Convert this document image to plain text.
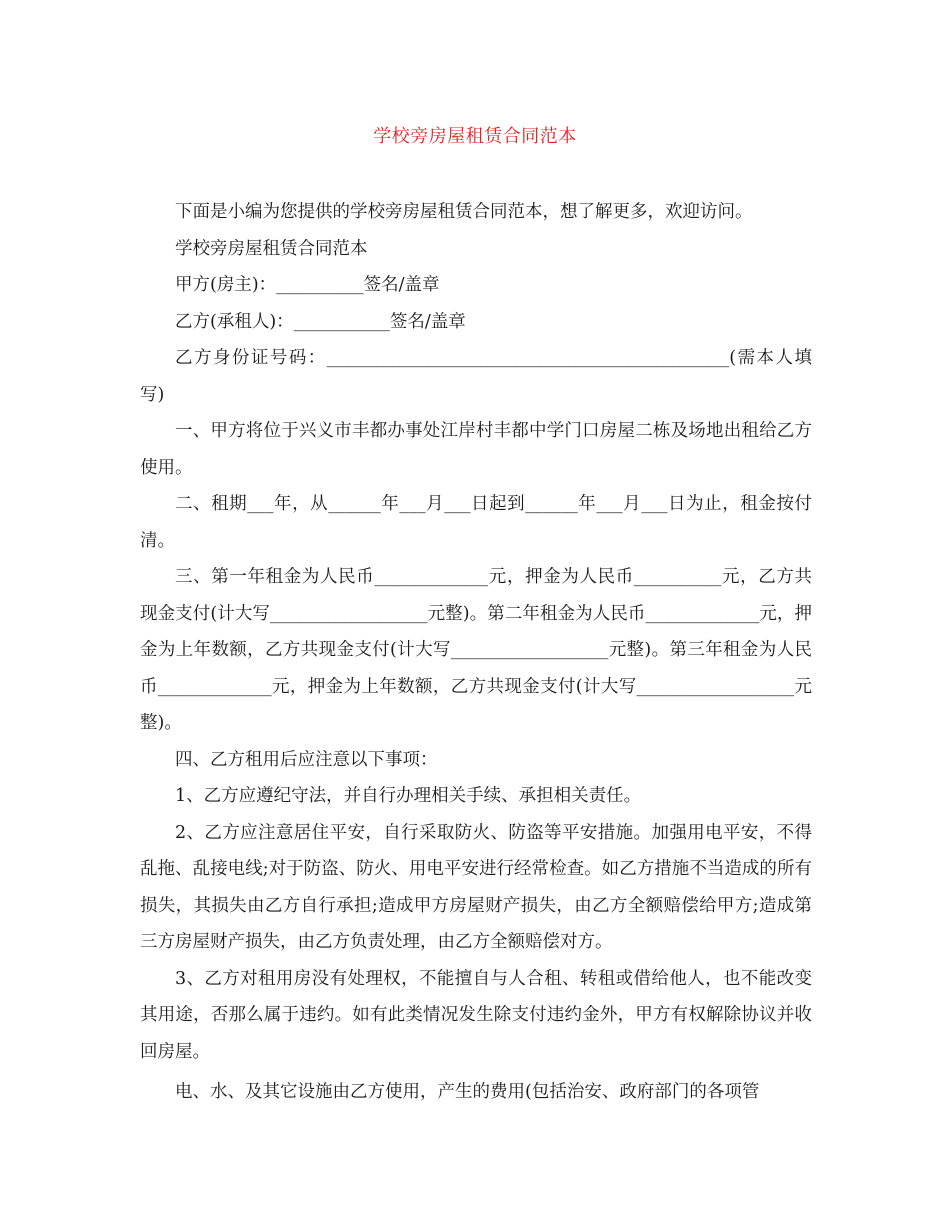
学校旁房屋租赁合同范本

下面是小编为您提供的学校旁房屋租赁合同范本，想了解更多，欢迎访问。

学校旁房屋租赁合同范本

甲方(房主)：__________签名/盖章

乙方(承租人)：___________签名/盖章

乙方身份证号码：______________________________________________(需本人填写)

一、甲方将位于兴义市丰都办事处江岸村丰都中学门口房屋二栋及场地出租给乙方使用。

二、租期___年，从______年___月___日起到______年___月___日为止，租金按付清。

三、第一年租金为人民币_____________元，押金为人民币__________元，乙方共现金支付(计大写__________________元整)。第二年租金为人民币_____________元，押金为上年数额，乙方共现金支付(计大写__________________元整)。第三年租金为人民币_____________元，押金为上年数额，乙方共现金支付(计大写__________________元整)。

四、乙方租用后应注意以下事项：

1、乙方应遵纪守法，并自行办理相关手续、承担相关责任。

2、乙方应注意居住平安，自行采取防火、防盗等平安措施。加强用电平安，不得乱拖、乱接电线;对于防盗、防火、用电平安进行经常检查。如乙方措施不当造成的所有损失，其损失由乙方自行承担;造成甲方房屋财产损失，由乙方全额赔偿给甲方;造成第三方房屋财产损失，由乙方负责处理，由乙方全额赔偿对方。

3、乙方对租用房没有处理权，不能擅自与人合租、转租或借给他人，也不能改变其用途，否那么属于违约。如有此类情况发生除支付违约金外，甲方有权解除协议并收回房屋。

电、水、及其它设施由乙方使用，产生的费用(包括治安、政府部门的各项管
